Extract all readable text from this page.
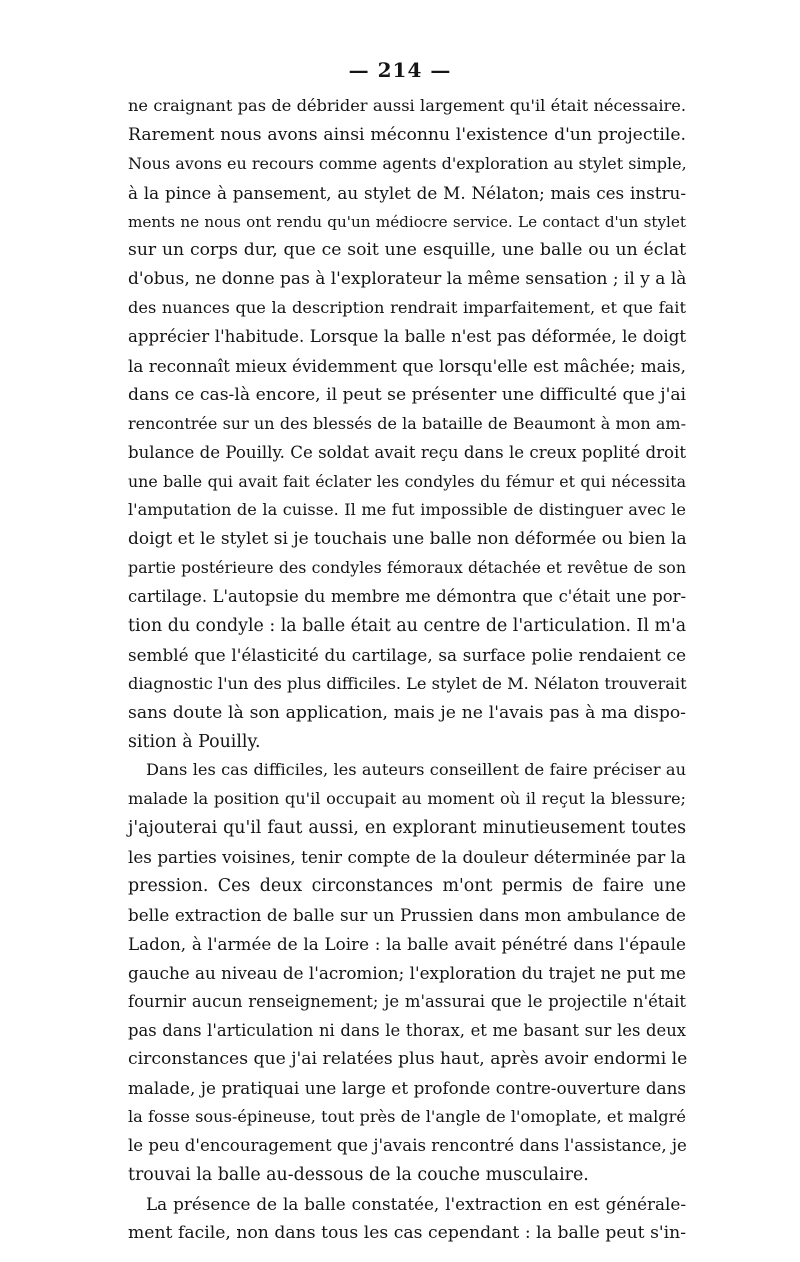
— 214 —
ne craignant pas de débrider aussi largement qu'il était nécessaire.
Rarement nous avons ainsi méconnu l'existence d'un projectile.
Nous avons eu recours comme agents d'exploration au stylet simple,
à la pince à pansement, au stylet de M. Nélaton; mais ces instru-
ments ne nous ont rendu qu'un médiocre service. Le contact d'un stylet
sur un corps dur, que ce soit une esquille, une balle ou un éclat
d'obus, ne donne pas à l'explorateur la même sensation ; il y a là
des nuances que la description rendrait imparfaitement, et que fait
apprécier l'habitude. Lorsque la balle n'est pas déformée, le doigt
la reconnaît mieux évidemment que lorsqu'elle est mâchée; mais,
dans ce cas-là encore, il peut se présenter une difficulté que j'ai
rencontrée sur un des blessés de la bataille de Beaumont à mon am-
bulance de Pouilly. Ce soldat avait reçu dans le creux poplité droit
une balle qui avait fait éclater les condyles du fémur et qui nécessita
l'amputation de la cuisse. Il me fut impossible de distinguer avec le
doigt et le stylet si je touchais une balle non déformée ou bien la
partie postérieure des condyles fémoraux détachée et revêtue de son
cartilage. L'autopsie du membre me démontra que c'était une por-
tion du condyle : la balle était au centre de l'articulation. Il m'a
semblé que l'élasticité du cartilage, sa surface polie rendaient ce
diagnostic l'un des plus difficiles. Le stylet de M. Nélaton trouverait
sans doute là son application, mais je ne l'avais pas à ma dispo-
sition à Pouilly.
Dans les cas difficiles, les auteurs conseillent de faire préciser au
malade la position qu'il occupait au moment où il reçut la blessure;
j'ajouterai qu'il faut aussi, en explorant minutieusement toutes
les parties voisines, tenir compte de la douleur déterminée par la
pression. Ces deux circonstances m'ont permis de faire une
belle extraction de balle sur un Prussien dans mon ambulance de
Ladon, à l'armée de la Loire : la balle avait pénétré dans l'épaule
gauche au niveau de l'acromion; l'exploration du trajet ne put me
fournir aucun renseignement; je m'assurai que le projectile n'était
pas dans l'articulation ni dans le thorax, et me basant sur les deux
circonstances que j'ai relatées plus haut, après avoir endormi le
malade, je pratiquai une large et profonde contre-ouverture dans
la fosse sous-épineuse, tout près de l'angle de l'omoplate, et malgré
le peu d'encouragement que j'avais rencontré dans l'assistance, je
trouvai la balle au-dessous de la couche musculaire.
La présence de la balle constatée, l'extraction en est générale-
ment facile, non dans tous les cas cependant : la balle peut s'in-
